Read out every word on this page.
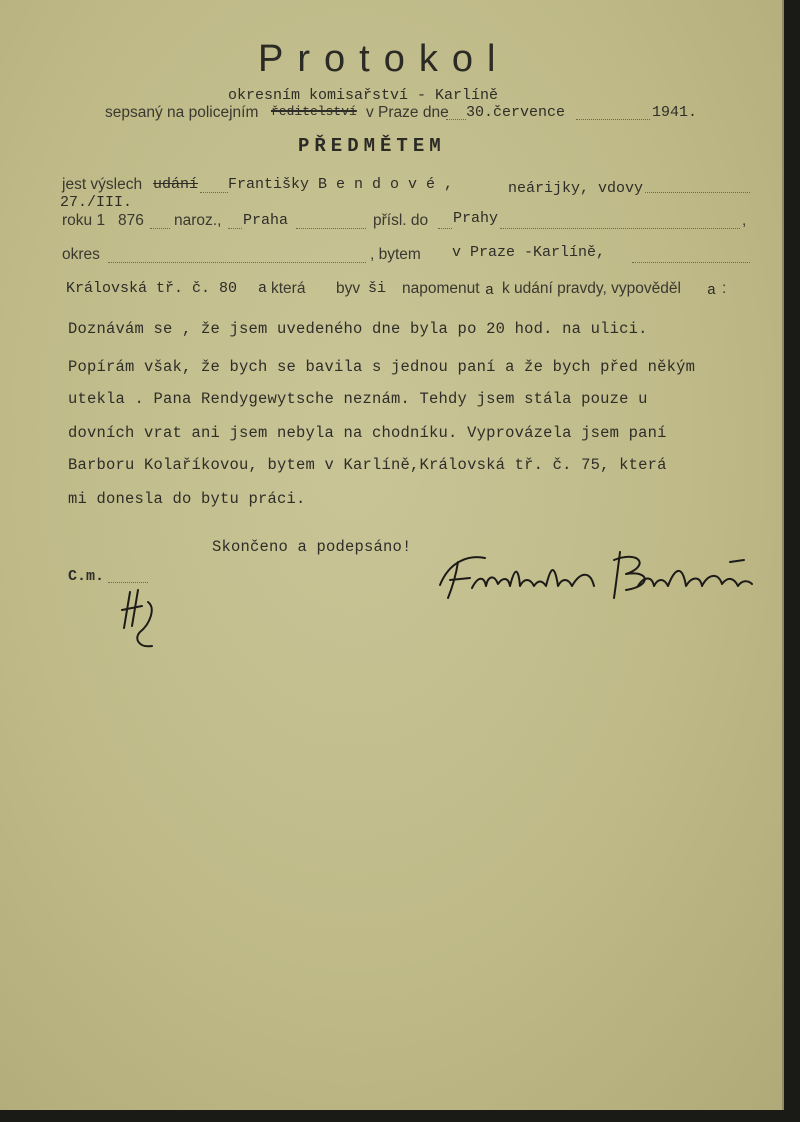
Protokol
okresním komisařství - Karlíně
sepsaný na policejním ředitelství v Praze dne 30.července	1941.
PŘEDMĚTEM
jest výslech udání Františky B e n d o v é ,	neárijky, vdovy
27./III.
roku 1 876 naroz., Praha	přísl. do Prahy	,
okres	, bytem v Praze -Karlíně,
Královská tř. č. 80 a která byv ši napomenut a k udání pravdy, vypověděl a :
Doznávám se , že jsem uvedeného dne byla po 20 hod. na ulici.
Popírám však, že bych se bavila s jednou paní a že bych před někým
utekla . Pana Rendygewytsche neznám. Tehdy jsem stála pouze u
dovních vrat ani jsem nebyla na chodníku. Vyprovázela jsem paní
Barboru Kolaříkovou, bytem v Karlíně,Královská tř. č. 75, která
mi donesla do bytu práci.
Skončeno a podepsáno!
C.m.
